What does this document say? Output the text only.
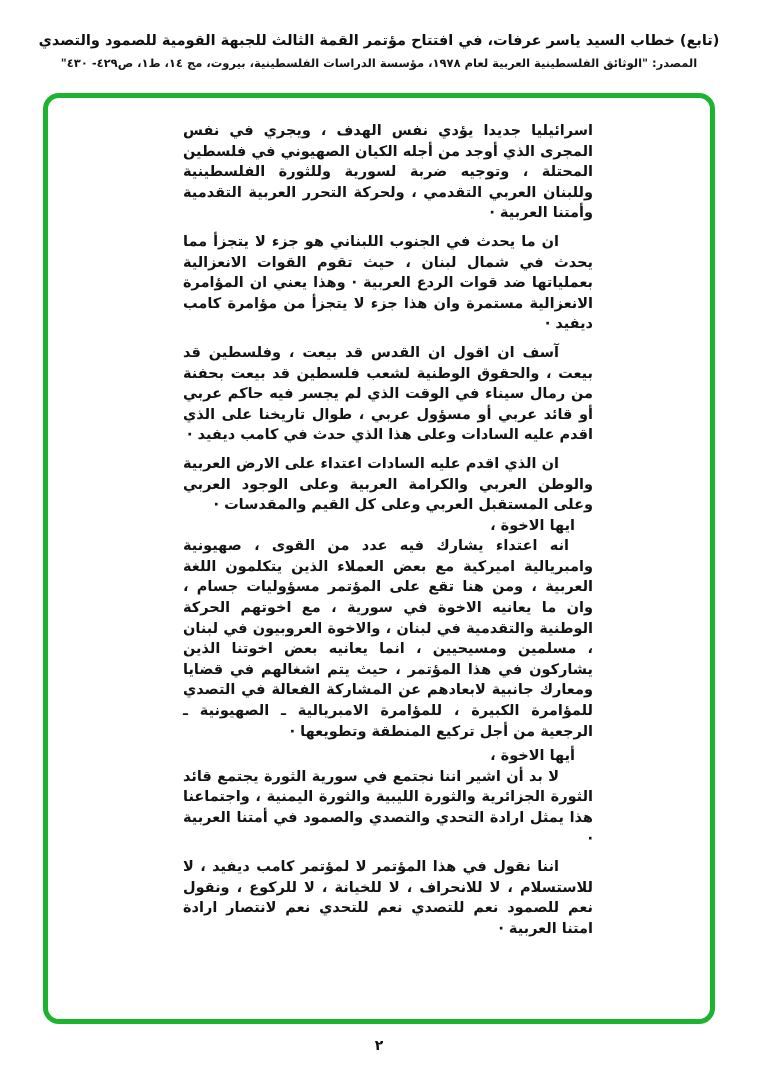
(تابع) خطاب السيد ياسر عرفات، في افتتاح مؤتمر القمة الثالث للجبهة القومية للصمود والتصدي
المصدر: "الوثائق الفلسطينية العربية لعام ١٩٧٨، مؤسسة الدراسات الفلسطينية، بيروت، مج ١٤، ط١، ص٤٢٩- ٤٣٠"

اسرائيليا جديدا يؤدي نفس الهدف ، ويجري في نفس المجرى الذي أوجد من أجله الكيان الصهيوني في فلسطين المحتلة ، وتوجيه ضربة لسورية وللثورة الفلسطينية وللبنان العربي التقدمي ، ولحركة التحرر العربية التقدمية وأمتنا العربية ·

ان ما يحدث في الجنوب اللبناني هو جزء لا يتجزأ مما يحدث في شمال لبنان ، حيث تقوم القوات الانعزالية بعملياتها ضد قوات الردع العربية · وهذا يعني ان المؤامرة الانعزالية مستمرة وان هذا جزء لا يتجزأ من مؤامرة كامب ديفيد ·

آسف ان اقول ان القدس قد بيعت ، وفلسطين قد بيعت ، والحقوق الوطنية لشعب فلسطين قد بيعت بحفنة من رمال سيناء في الوقت الذي لم يجسر فيه حاكم عربي أو قائد عربي أو مسؤول عربي ، طوال تاريخنا على الذي اقدم عليه السادات وعلى هذا الذي حدث في كامب ديفيد ·

ان الذي اقدم عليه السادات اعتداء على الارض العربية والوطن العربي والكرامة العربية وعلى الوجود العربي وعلى المستقبل العربي وعلى كل القيم والمقدسات ·

ايها الاخوة ،

انه اعتداء يشارك فيه عدد من القوى ، صهيونية وامبريالية اميركية مع بعض العملاء الذين يتكلمون اللغة العربية ، ومن هنا تقع على المؤتمر مسؤوليات جسام ، وان ما يعانيه الاخوة في سورية ، مع اخوتهم الحركة الوطنية والتقدمية في لبنان ، والاخوة العروبيون في لبنان ، مسلمين ومسيحيين ، انما يعانيه بعض اخوتنا الذين يشاركون في هذا المؤتمر ، حيث يتم اشغالهم في قضايا ومعارك جانبية لابعادهم عن المشاركة الفعالة في التصدي للمؤامرة الكبيرة ، للمؤامرة الامبريالية ـ الصهيونية ـ الرجعية من أجل تركيع المنطقة وتطويعها ·

أيها الاخوة ،

لا بد أن اشير اننا نجتمع في سورية الثورة يجتمع قائد الثورة الجزائرية والثورة الليبية والثورة اليمنية ، واجتماعنا هذا يمثل ارادة التحدي والتصدي والصمود في أمتنا العربية ·

اننا نقول في هذا المؤتمر لا لمؤتمر كامب ديفيد ، لا للاستسلام ، لا للانحراف ، لا للخيانة ، لا للركوع ، ونقول نعم للصمود نعم للتصدي نعم للتحدي نعم لانتصار ارادة امتنا العربية ·

٢
